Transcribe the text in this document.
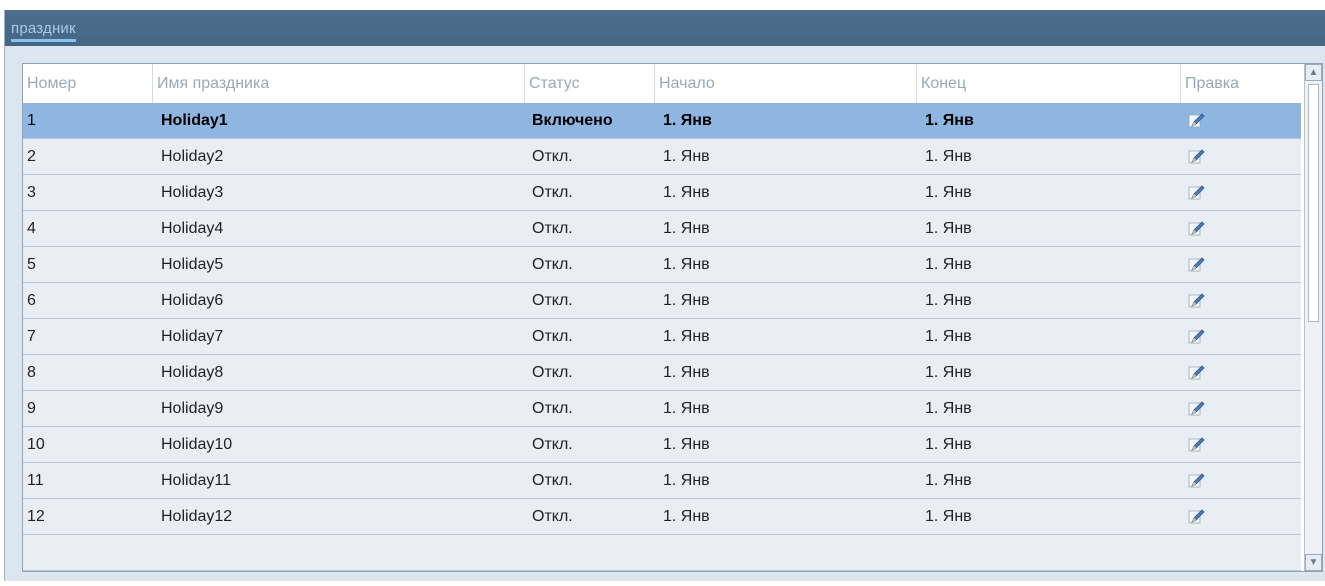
праздник
Номер	Имя праздника	Статус	Начало	Конец	Правка
1	Holiday1	Включено	1. Янв	1. Янв
2	Holiday2	Откл.	1. Янв	1. Янв
3	Holiday3	Откл.	1. Янв	1. Янв
4	Holiday4	Откл.	1. Янв	1. Янв
5	Holiday5	Откл.	1. Янв	1. Янв
6	Holiday6	Откл.	1. Янв	1. Янв
7	Holiday7	Откл.	1. Янв	1. Янв
8	Holiday8	Откл.	1. Янв	1. Янв
9	Holiday9	Откл.	1. Янв	1. Янв
10	Holiday10	Откл.	1. Янв	1. Янв
11	Holiday11	Откл.	1. Янв	1. Янв
12	Holiday12	Откл.	1. Янв	1. Янв
▲
▼
